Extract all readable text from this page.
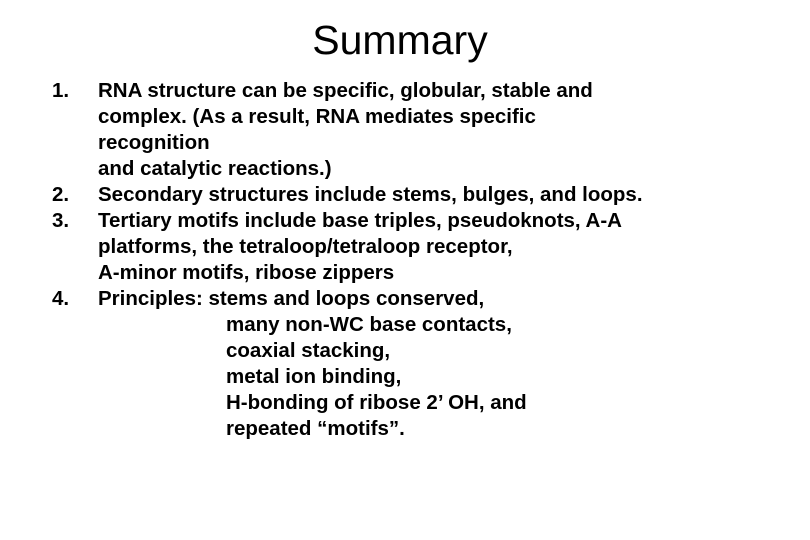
Summary
1.	RNA structure can be specific, globular, stable and
complex. (As a result, RNA mediates specific
recognition
and catalytic reactions.)
2.	Secondary structures include stems, bulges, and loops.
3.	Tertiary motifs include base triples, pseudoknots, A-A
platforms, the tetraloop/tetraloop receptor,
A-minor motifs, ribose zippers
4.	Principles: stems and loops conserved,
many non-WC base contacts,
coaxial stacking,
metal ion binding,
H-bonding of ribose 2’ OH, and
repeated “motifs”.
